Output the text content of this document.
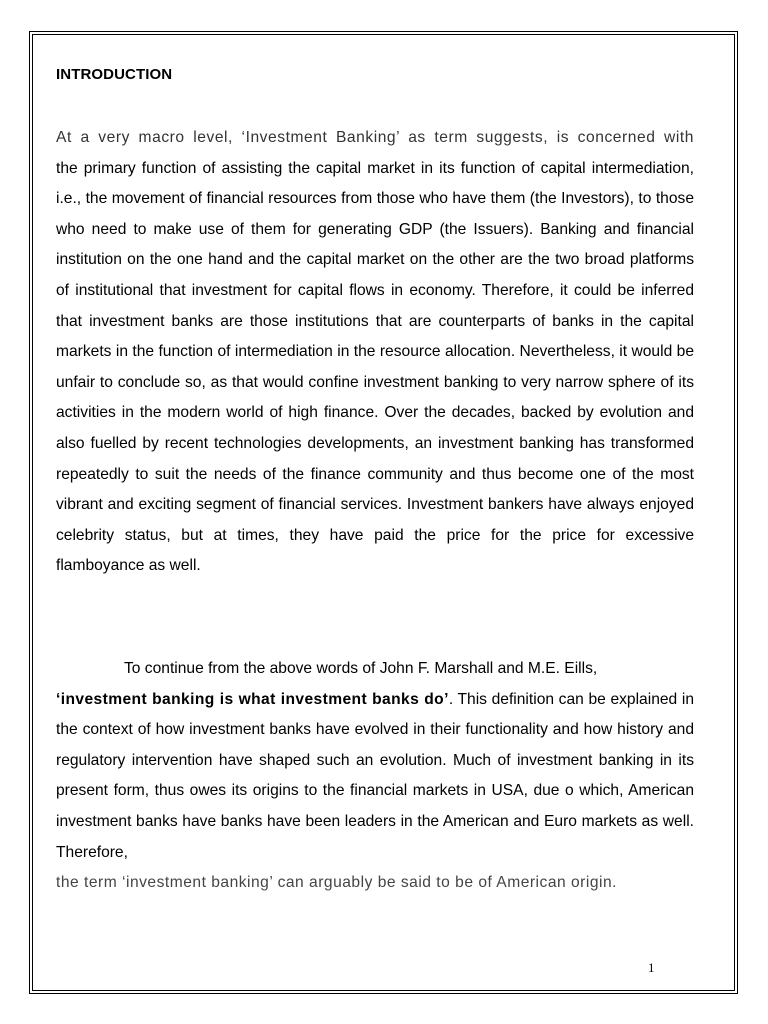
INTRODUCTION
At a very macro level, ‘Investment Banking’ as term suggests, is concerned with
the primary function of assisting the capital market in its function of capital intermediation, i.e., the movement of financial resources from those who have them (the Investors), to those who need to make use of them for generating GDP (the Issuers). Banking and financial institution on the one hand and the capital market on the other are the two broad platforms of institutional that investment for capital flows in economy. Therefore, it could be inferred that investment banks are those institutions that are counterparts of banks in the capital markets in the function of intermediation in the resource allocation. Nevertheless, it would be unfair to conclude so, as that would confine investment banking to very narrow sphere of its activities in the modern world of high finance. Over the decades, backed by evolution and also fuelled by recent technologies developments, an investment banking has transformed repeatedly to suit the needs of the finance community and thus become one of the most vibrant and exciting segment of financial services. Investment bankers have always enjoyed celebrity status, but at times, they have paid the price for the price for excessive flamboyance as well.
To continue from the above words of John F. Marshall and M.E. Eills,
‘investment banking is what investment banks do’. This definition can be explained in the context of how investment banks have evolved in their functionality and how history and regulatory intervention have shaped such an evolution. Much of investment banking in its present form, thus owes its origins to the financial markets in USA, due o which, American investment banks have banks have been leaders in the American and Euro markets as well. Therefore,
the term ‘investment banking’ can arguably be said to be of American origin.
1
